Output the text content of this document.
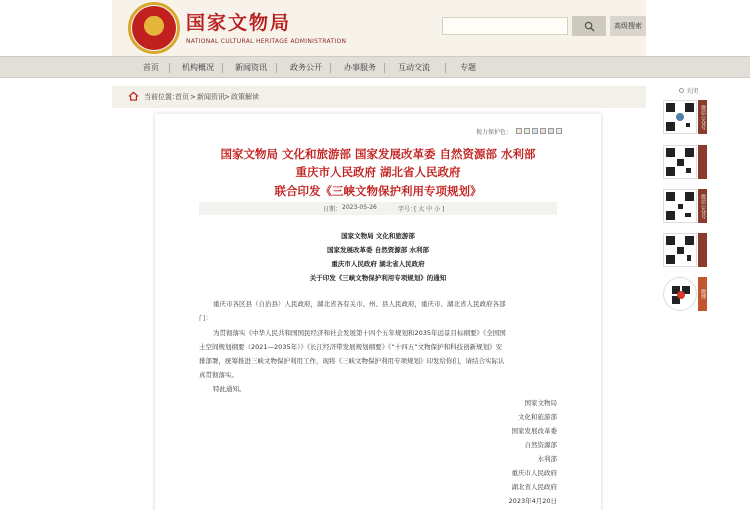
国家文物局
NATIONAL CULTURAL HERITAGE ADMINISTRATION
高级搜索
首页	机构概况	新闻资讯	政务公开	办事服务	互动交流	专题
当前位置：
首页 > 新闻资讯 > 政策解读
关闭
微信公众号
微信公众号
微博
视力保护色：
国家文物局 文化和旅游部 国家发展改革委 自然资源部 水利部
重庆市人民政府 湖北省人民政府
联合印发《三峡文物保护利用专项规划》
日期： 2023-05-26	字号：
[ 大 中 小 ]
国家文物局 文化和旅游部
国家发展改革委 自然资源部 水利部
重庆市人民政府 湖北省人民政府
关于印发《三峡文物保护利用专项规划》的通知
重庆市各区县（自治县）人民政府，湖北省各有关市、州、县人民政府，重庆市、湖北省人民政府各部
门：
为贯彻落实《中华人民共和国国民经济和社会发展第十四个五年规划和2035年远景目标纲要》《全国国
土空间规划纲要（2021—2035年）》《长江经济带发展规划纲要》《“十四五”文物保护和科技创新规划》安
排部署，统筹推进三峡文物保护利用工作，现将《三峡文物保护利用专项规划》印发给你们，请结合实际认
真贯彻落实。
特此通知。
国家文物局
文化和旅游部
国家发展改革委
自然资源部
水利部
重庆市人民政府
湖北省人民政府
2023年4月20日
